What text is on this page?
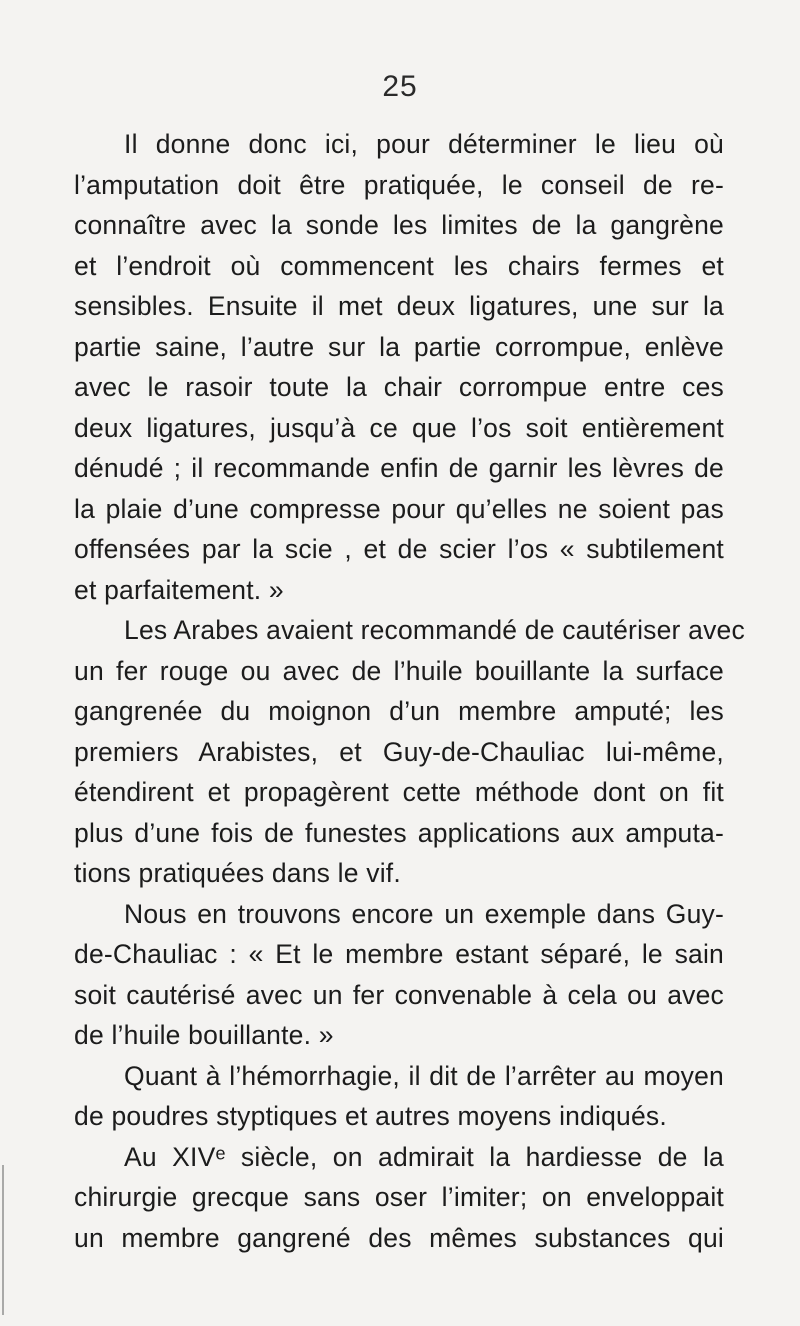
25
Il donne donc ici, pour déterminer le lieu où
l’amputation doit être pratiquée, le conseil de re-
connaître avec la sonde les limites de la gangrène
et l’endroit où commencent les chairs fermes et
sensibles. Ensuite il met deux ligatures, une sur la
partie saine, l’autre sur la partie corrompue, enlève
avec le rasoir toute la chair corrompue entre ces
deux ligatures, jusqu’à ce que l’os soit entièrement
dénudé ; il recommande enfin de garnir les lèvres de
la plaie d’une compresse pour qu’elles ne soient pas
offensées par la scie , et de scier l’os « subtilement
et parfaitement. »
Les Arabes avaient recommandé de cautériser avec
un fer rouge ou avec de l’huile bouillante la surface
gangrenée du moignon d’un membre amputé; les
premiers Arabistes, et Guy-de-Chauliac lui-même,
étendirent et propagèrent cette méthode dont on fit
plus d’une fois de funestes applications aux amputa-
tions pratiquées dans le vif.
Nous en trouvons encore un exemple dans Guy-
de-Chauliac : « Et le membre estant séparé, le sain
soit cautérisé avec un fer convenable à cela ou avec
de l’huile bouillante. »
Quant à l’hémorrhagie, il dit de l’arrêter au moyen
de poudres styptiques et autres moyens indiqués.
Au XIVᵉ siècle, on admirait la hardiesse de la
chirurgie grecque sans oser l’imiter; on enveloppait
un membre gangrené des mêmes substances qui
